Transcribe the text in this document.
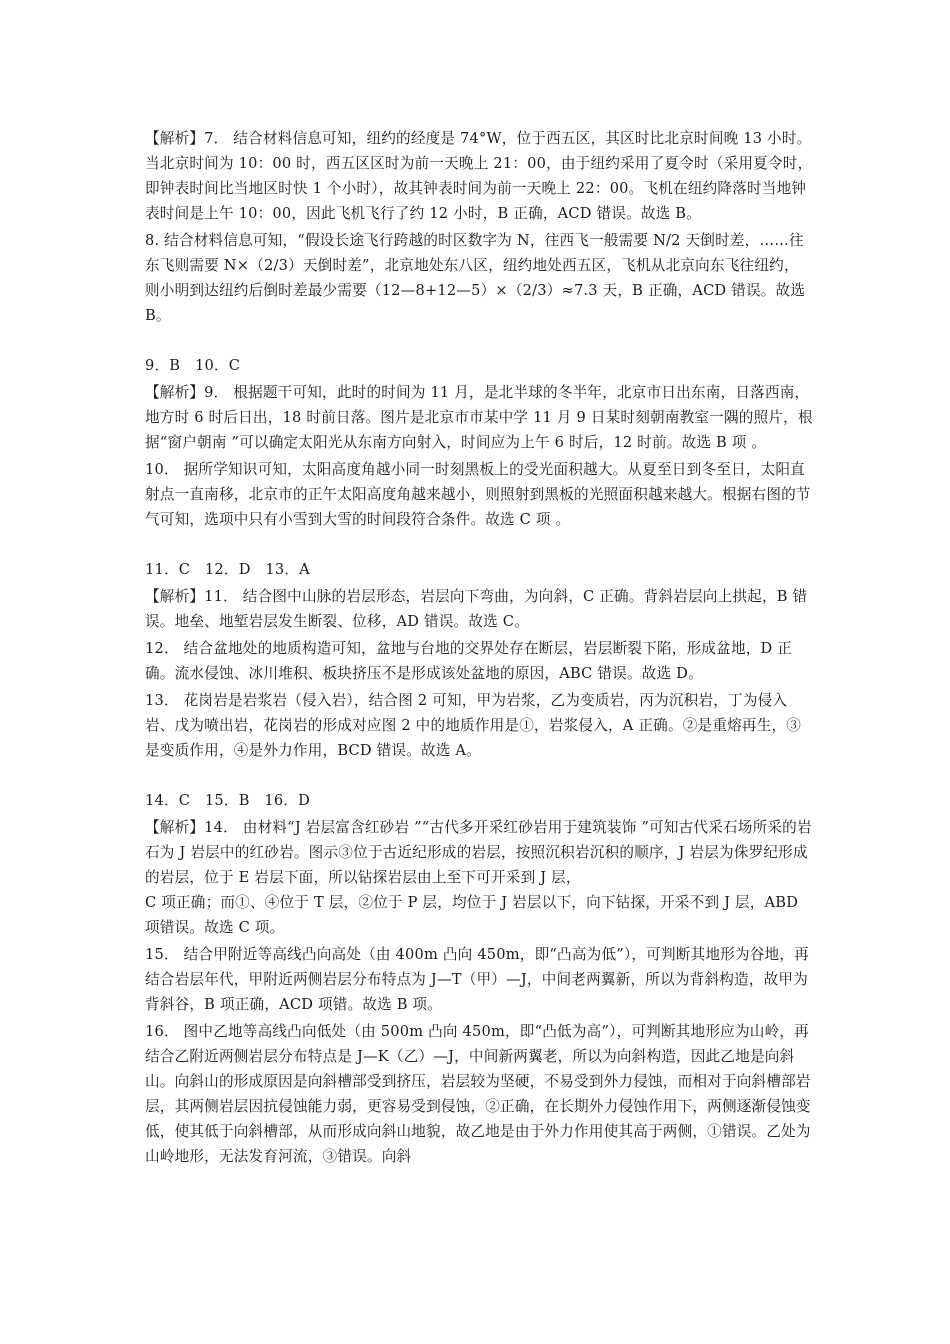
【解析】7． 结合材料信息可知，纽约的经度是 74°W，位于西五区，其区时比北京时间晚 13 小时。当北京时间为 10：00 时，西五区区时为前一天晚上 21：00，由于纽约采用了夏令时（采用夏令时，即钟表时间比当地区时快 1 个小时），故其钟表时间为前一天晚上 22：00。飞机在纽约降落时当地钟表时间是上午 10：00，因此飞机飞行了约 12 小时，B 正确，ACD 错误。故选 B。

8. 结合材料信息可知，“假设长途飞行跨越的时区数字为 N，往西飞一般需要 N/2 天倒时差，……往东飞则需要 N×（2/3）天倒时差”，北京地处东八区，纽约地处西五区，飞机从北京向东飞往纽约，则小明到达纽约后倒时差最少需要（12—8+12—5）×（2/3）≈7.3 天，B 正确，ACD 错误。故选 B。

9．B　10．C

【解析】9． 根据题干可知，此时的时间为 11 月，是北半球的冬半年，北京市日出东南，日落西南，地方时 6 时后日出，18 时前日落。图片是北京市市某中学 11 月 9 日某时刻朝南教室一隅的照片，根据“窗户朝南 ”可以确定太阳光从东南方向射入，时间应为上午 6 时后，12 时前。故选 B 项 。

10． 据所学知识可知，太阳高度角越小同一时刻黑板上的受光面积越大。从夏至日到冬至日，太阳直射点一直南移，北京市的正午太阳高度角越来越小，则照射到黑板的光照面积越来越大。根据右图的节气可知，选项中只有小雪到大雪的时间段符合条件。故选 C 项 。

11．C　12．D　13．A

【解析】11． 结合图中山脉的岩层形态，岩层向下弯曲，为向斜，C 正确。背斜岩层向上拱起，B 错误。地垒、地堑岩层发生断裂、位移，AD 错误。故选 C。

12． 结合盆地处的地质构造可知，盆地与台地的交界处存在断层，岩层断裂下陷，形成盆地，D 正确。流水侵蚀、冰川堆积、板块挤压不是形成该处盆地的原因，ABC 错误。故选 D。

13． 花岗岩是岩浆岩（侵入岩），结合图 2 可知，甲为岩浆，乙为变质岩，丙为沉积岩，丁为侵入岩、戊为喷出岩，花岗岩的形成对应图 2 中的地质作用是①，岩浆侵入，A 正确。②是重熔再生，③是变质作用，④是外力作用，BCD 错误。故选 A。

14．C　15．B　16．D

【解析】14． 由材料“J 岩层富含红砂岩 ”“古代多开采红砂岩用于建筑装饰 ”可知古代采石场所采的岩石为 J 岩层中的红砂岩。图示③位于古近纪形成的岩层，按照沉积岩沉积的顺序，J 岩层为侏罗纪形成的岩层，位于 E 岩层下面，所以钻探岩层由上至下可开采到 J 层，

C 项正确；而①、④位于 T 层，②位于 P 层，均位于 J 岩层以下，向下钻探，开采不到 J 层，ABD 项错误。故选 C 项。

15． 结合甲附近等高线凸向高处（由 400m 凸向 450m，即“凸高为低”），可判断其地形为谷地，再结合岩层年代，甲附近两侧岩层分布特点为 J—T（甲）—J，中间老两翼新，所以为背斜构造，故甲为背斜谷，B 项正确，ACD 项错。故选 B 项。

16． 图中乙地等高线凸向低处（由 500m 凸向 450m，即“凸低为高”），可判断其地形应为山岭，再结合乙附近两侧岩层分布特点是 J—K（乙）—J，中间新两翼老，所以为向斜构造，因此乙地是向斜山。向斜山的形成原因是向斜槽部受到挤压，岩层较为坚硬，不易受到外力侵蚀，而相对于向斜槽部岩层，其两侧岩层因抗侵蚀能力弱，更容易受到侵蚀，②正确，在长期外力侵蚀作用下，两侧逐渐侵蚀变低，使其低于向斜槽部，从而形成向斜山地貌，故乙地是由于外力作用使其高于两侧，①错误。乙处为山岭地形，无法发育河流，③错误。向斜
